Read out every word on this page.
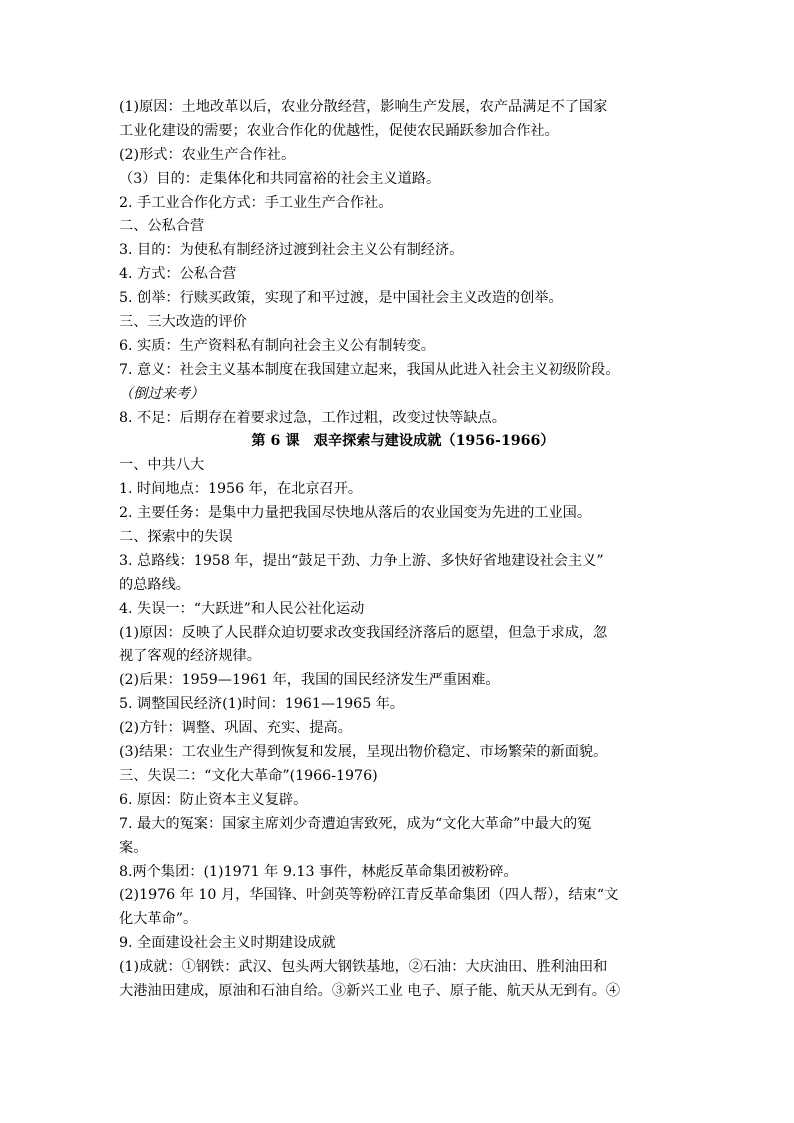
(1)原因：土地改革以后，农业分散经营，影响生产发展，农产品满足不了国家
工业化建设的需要；农业合作化的优越性，促使农民踊跃参加合作社。
(2)形式：农业生产合作社。
（3）目的：走集体化和共同富裕的社会主义道路。
2. 手工业合作化方式：手工业生产合作社。
二、公私合营
3. 目的：为使私有制经济过渡到社会主义公有制经济。
4. 方式：公私合营
5. 创举：行赎买政策，实现了和平过渡，是中国社会主义改造的创举。
三、三大改造的评价
6. 实质：生产资料私有制向社会主义公有制转变。
7. 意义：社会主义基本制度在我国建立起来，我国从此进入社会主义初级阶段。
（倒过来考）
8. 不足：后期存在着要求过急，工作过粗，改变过快等缺点。
第 6 课　艰辛探索与建设成就（1956-1966）
一、中共八大
1. 时间地点：1956 年，在北京召开。
2. 主要任务：是集中力量把我国尽快地从落后的农业国变为先进的工业国。
二、探索中的失误
3. 总路线：1958 年，提出“鼓足干劲、力争上游、多快好省地建设社会主义”
的总路线。
4. 失误一：“大跃进”和人民公社化运动
(1)原因：反映了人民群众迫切要求改变我国经济落后的愿望，但急于求成，忽
视了客观的经济规律。
(2)后果：1959—1961 年，我国的国民经济发生严重困难。
5. 调整国民经济(1)时间：1961—1965 年。
(2)方针：调整、巩固、充实、提高。
(3)结果：工农业生产得到恢复和发展，呈现出物价稳定、市场繁荣的新面貌。
三、失误二：“文化大革命”(1966-1976)
6. 原因：防止资本主义复辟。
7. 最大的冤案：国家主席刘少奇遭迫害致死，成为“文化大革命”中最大的冤
案。
8.两个集团：(1)1971 年 9.13 事件，林彪反革命集团被粉碎。
(2)1976 年 10 月，华国锋、叶剑英等粉碎江青反革命集团（四人帮），结束“文
化大革命”。
9. 全面建设社会主义时期建设成就
(1)成就：①钢铁：武汉、包头两大钢铁基地，②石油：大庆油田、胜利油田和
大港油田建成，原油和石油自给。③新兴工业 电子、原子能、航天从无到有。④
